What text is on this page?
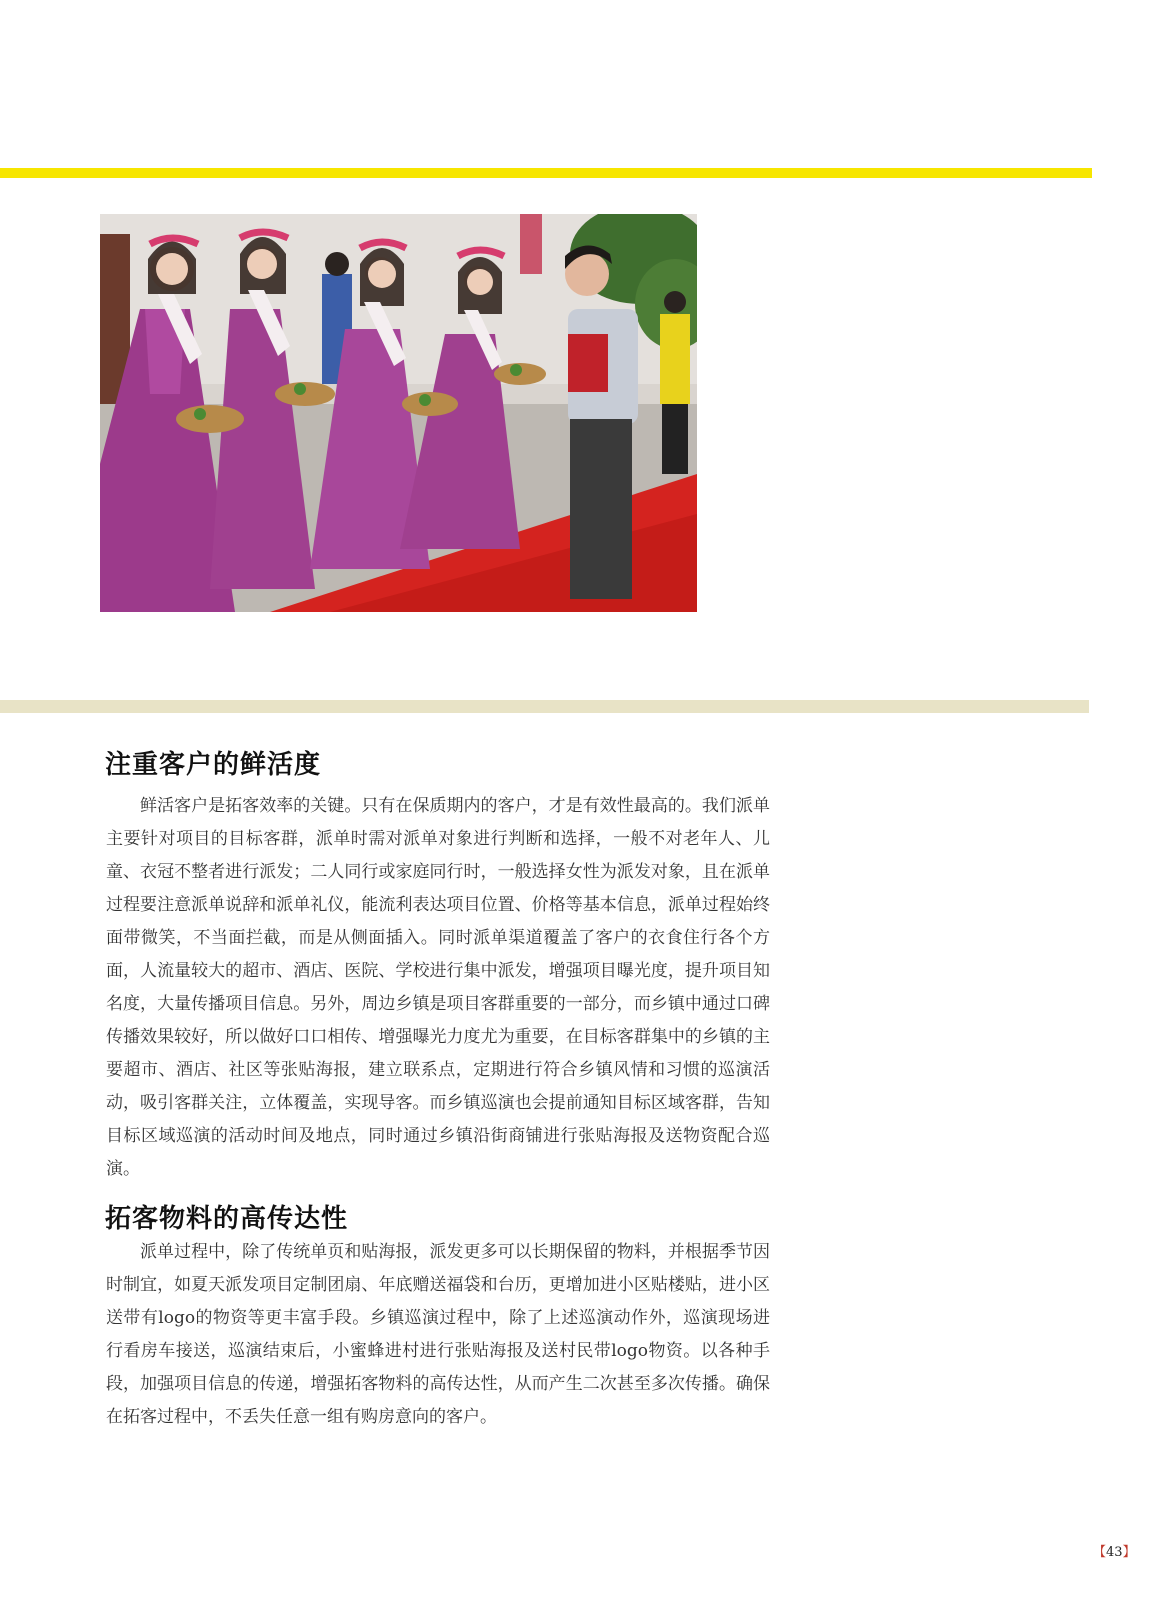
注重客户的鲜活度

鲜活客户是拓客效率的关键。只有在保质期内的客户，才是有效性最高的。我们派单主要针对项目的目标客群，派单时需对派单对象进行判断和选择，一般不对老年人、儿童、衣冠不整者进行派发；二人同行或家庭同行时，一般选择女性为派发对象，且在派单过程要注意派单说辞和派单礼仪，能流利表达项目位置、价格等基本信息，派单过程始终面带微笑，不当面拦截，而是从侧面插入。同时派单渠道覆盖了客户的衣食住行各个方面，人流量较大的超市、酒店、医院、学校进行集中派发，增强项目曝光度，提升项目知名度，大量传播项目信息。另外，周边乡镇是项目客群重要的一部分，而乡镇中通过口碑传播效果较好，所以做好口口相传、增强曝光力度尤为重要，在目标客群集中的乡镇的主要超市、酒店、社区等张贴海报，建立联系点，定期进行符合乡镇风情和习惯的巡演活动，吸引客群关注，立体覆盖，实现导客。而乡镇巡演也会提前通知目标区域客群，告知目标区域巡演的活动时间及地点，同时通过乡镇沿街商铺进行张贴海报及送物资配合巡演。

拓客物料的高传达性

派单过程中，除了传统单页和贴海报，派发更多可以长期保留的物料，并根据季节因时制宜，如夏天派发项目定制团扇、年底赠送福袋和台历，更增加进小区贴楼贴，进小区送带有logo的物资等更丰富手段。乡镇巡演过程中，除了上述巡演动作外，巡演现场进行看房车接送，巡演结束后，小蜜蜂进村进行张贴海报及送村民带logo物资。以各种手段，加强项目信息的传递，增强拓客物料的高传达性，从而产生二次甚至多次传播。确保在拓客过程中，不丢失任意一组有购房意向的客户。

【43】
